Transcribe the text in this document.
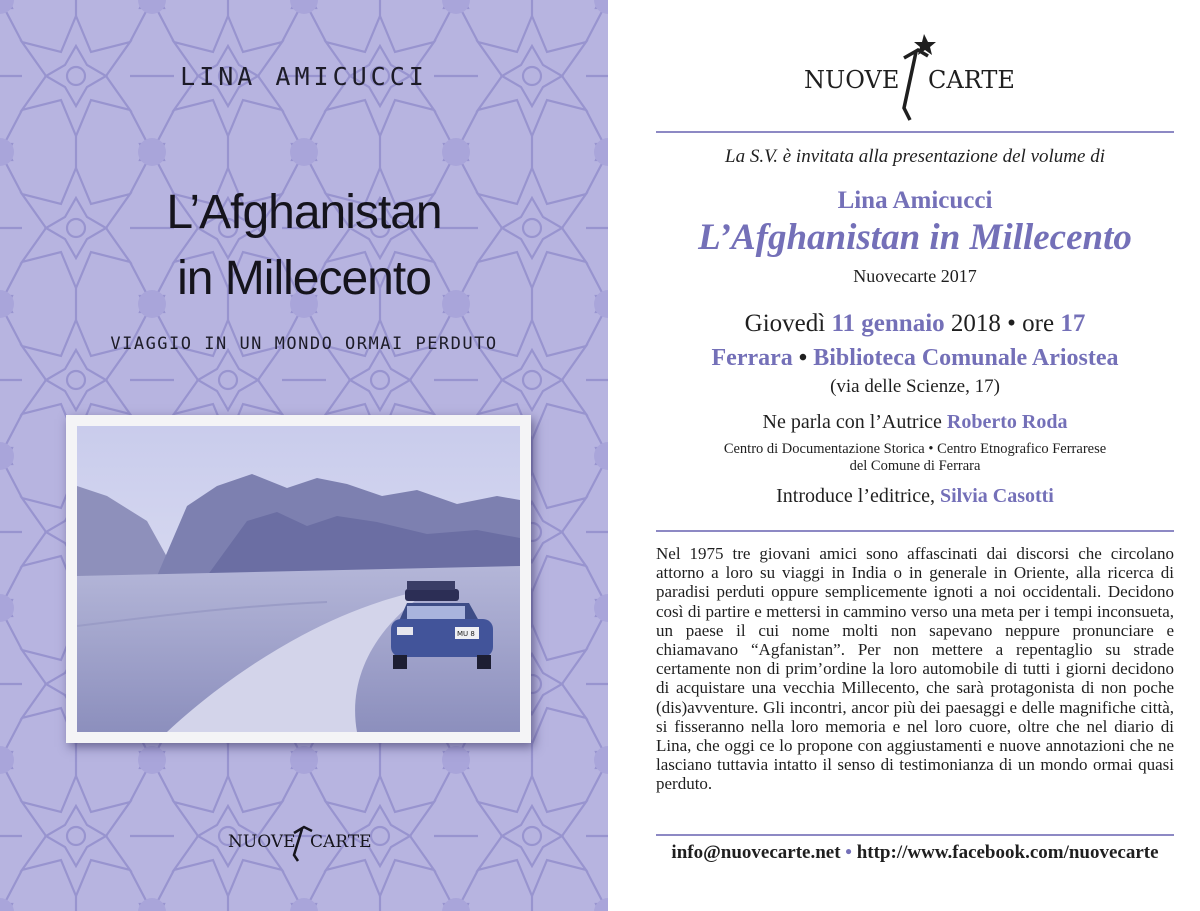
LINA AMICUCCI
L’Afghanistan
in Millecento
VIAGGIO IN UN MONDO ORMAI PERDUTO
MU 8
NUOVE CARTE
NUOVE CARTE
La S.V. è invitata alla presentazione del volume di
Lina Amicucci
L’Afghanistan in Millecento
Nuovecarte 2017
Giovedì 11 gennaio 2018 • ore 17
Ferrara • Biblioteca Comunale Ariostea
(via delle Scienze, 17)
Ne parla con l’Autrice Roberto Roda
Centro di Documentazione Storica • Centro Etnografico Ferrarese
del Comune di Ferrara
Introduce l’editrice, Silvia Casotti
Nel 1975 tre giovani amici sono affascinati dai discorsi che circolano attorno a loro su viaggi in India o in generale in Oriente, alla ricerca di paradisi perduti oppure semplicemente ignoti a noi occidentali. Decidono così di partire e mettersi in cammino verso una meta per i tempi inconsueta, un paese il cui nome molti non sapevano neppure pronunciare e chiamavano “Agfanistan”. Per non mettere a repentaglio su strade certamente non di prim’ordine la loro automobile di tutti i giorni decidono di acquistare una vecchia Millecento, che sarà protagonista di non poche (dis)avventure. Gli incontri, ancor più dei paesaggi e delle magnifiche città, si fisseranno nella loro memoria e nel loro cuore, oltre che nel diario di Lina, che oggi ce lo propone con aggiustamenti e nuove annotazioni che ne lasciano tuttavia intatto il senso di testimonianza di un mondo ormai quasi perduto.
info@nuovecarte.net • http://www.facebook.com/nuovecarte
